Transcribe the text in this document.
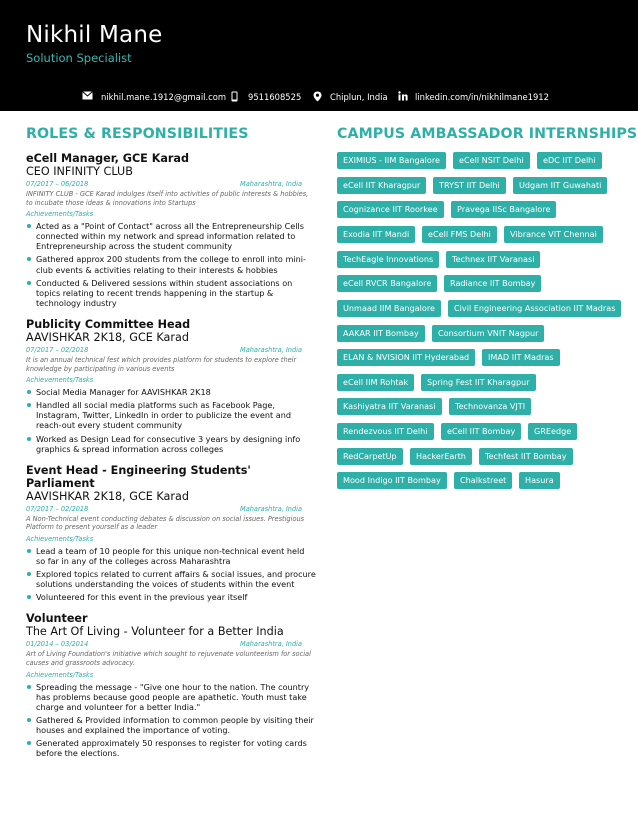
Nikhil Mane
Solution Specialist
nikhil.mane.1912@gmail.com	9511608525	Chiplun, India	linkedin.com/in/nikhilmane1912
ROLES & RESPONSIBILITIES
eCell Manager, GCE Karad
CEO INFINITY CLUB
07/2017 – 06/2018	Maharashtra, India
INFINITY CLUB - GCE Karad indulges itself into activities of public interests & hobbies, to incubate those ideas & innovations into Startups
Achievements/Tasks
Acted as a "Point of Contact" across all the Entrepreneurship Cells connected within my network and spread information related to Entrepreneurship across the student community
Gathered approx 200 students from the college to enroll into mini-club events & activities relating to their interests & hobbies
Conducted & Delivered sessions within student associations on topics relating to recent trends happening in the startup & technology industry
Publicity Committee Head
AAVISHKAR 2K18, GCE Karad
07/2017 – 02/2018	Maharashtra, India
It is an annual technical fest which provides platform for students to explore their knowledge by participating in various events
Achievements/Tasks
Social Media Manager for AAVISHKAR 2K18
Handled all social media platforms such as Facebook Page, Instagram, Twitter, LinkedIn in order to publicize the event and reach-out every student community
Worked as Design Lead for consecutive 3 years by designing info graphics & spread information across colleges
Event Head - Engineering Students' Parliament
AAVISHKAR 2K18, GCE Karad
07/2017 – 02/2018	Maharashtra, India
A Non-Technical event conducting debates & discussion on social issues. Prestigious Platform to present yourself as a leader
Achievements/Tasks
Lead a team of 10 people for this unique non-technical event held so far in any of the colleges across Maharashtra
Explored topics related to current affairs & social issues, and procure solutions understanding the voices of students within the event
Volunteered for this event in the previous year itself
Volunteer
The Art Of Living - Volunteer for a Better India
01/2014 – 03/2014	Maharashtra, India
Art of Living Foundation's initiative which sought to rejuvenate volunteerism for social causes and grassroots advocacy.
Achievements/Tasks
Spreading the message - "Give one hour to the nation. The country has problems because good people are apathetic. Youth must take charge and volunteer for a better India."
Gathered & Provided information to common people by visiting their houses and explained the importance of voting.
Generated approximately 50 responses to register for voting cards before the elections.
CAMPUS AMBASSADOR INTERNSHIPS
EXIMIUS - IIM Bangalore	eCell NSIT Delhi	eDC IIT Delhi
eCell IIT Kharagpur	TRYST IIT Delhi	Udgam IIT Guwahati
Cognizance IIT Roorkee	Pravega IISc Bangalore
Exodia IIT Mandi	eCell FMS Delhi	Vibrance VIT Chennai
TechEagle Innovations	Technex IIT Varanasi
eCell RVCR Bangalore	Radiance IIT Bombay
Unmaad IIM Bangalore	Civil Engineering Association IIT Madras
AAKAR IIT Bombay	Consortium VNIT Nagpur
ELAN & NVISION IIT Hyderabad	IMAD IIT Madras
eCell IIM Rohtak	Spring Fest IIT Kharagpur
Kashiyatra IIT Varanasi	Technovanza VJTI
Rendezvous IIT Delhi	eCell IIT Bombay	GREedge
RedCarpetUp	HackerEarth	Techfest IIT Bombay
Mood Indigo IIT Bombay	Chalkstreet	Hasura
